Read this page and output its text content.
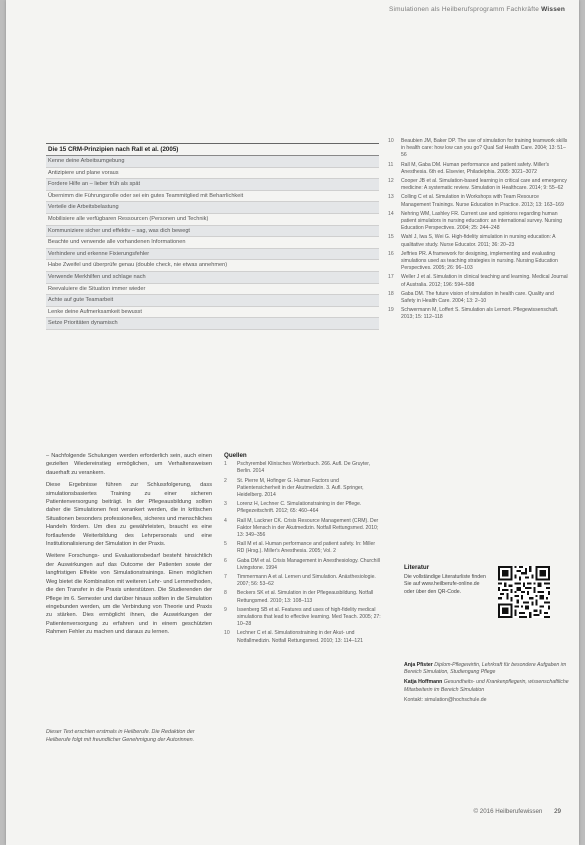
Simulationen als Heilberufsprogramm Fachkräfte Wissen
Die 15 CRM-Prinzipien nach Rall et al. (2005)
Kenne deine Arbeitsumgebung
Antizipiere und plane voraus
Fordere Hilfe an – lieber früh als spät
Übernimm die Führungsrolle oder sei ein gutes Teammitglied mit Beharrlichkeit
Verteile die Arbeitsbelastung
Mobilisiere alle verfügbaren Ressourcen (Personen und Technik)
Kommuniziere sicher und effektiv – sag, was dich bewegt
Beachte und verwende alle vorhandenen Informationen
Verhindere und erkenne Fixierungsfehler
Habe Zweifel und überprüfe genau (double check, nie etwas annehmen)
Verwende Merkhilfen und schlage nach
Reevaluiere die Situation immer wieder
Achte auf gute Teamarbeit
Lenke deine Aufmerksamkeit bewusst
Setze Prioritäten dynamisch
10	Beaubien JM, Baker DP. The use of simulation for training teamwork skills in health care: how low can you go? Qual Saf Health Care. 2004; 13: 51–56
11	Rall M, Gaba DM. Human performance and patient safety. Miller's Anesthesia. 6th ed. Elsevier, Philadelphia. 2005: 3021–3072
12	Cooper JB et al. Simulation-based learning in critical care and emergency medicine: A systematic review. Simulation in Healthcare. 2014; 9: 55–62
13	Colling C et al. Simulation in Workshops with Team Resource Management Trainings. Nurse Education in Practice. 2013; 13: 163–169
14	Nehring WM, Lashley FR. Current use and opinions regarding human patient simulators in nursing education: an international survey. Nursing Education Perspectives. 2004; 25: 244–248
15	Wahl J, Iwa S, Wei G. High-fidelity simulation in nursing education: A qualitative study. Nurse Educator. 2011; 36: 20–23
16	Jeffries PR. A framework for designing, implementing and evaluating simulations used as teaching strategies in nursing. Nursing Education Perspectives. 2005; 26: 96–103
17	Weller J et al. Simulation in clinical teaching and learning. Medical Journal of Australia. 2012; 196: 594–598
18	Gaba DM. The future vision of simulation in health care. Quality and Safety in Health Care. 2004; 13: 2–10
19	Schwermann M, Loffert S. Simulation als Lernort. Pflegewissenschaft. 2013; 15: 112–118

– Nachfolgende Schulungen werden erforderlich sein, auch einen gezielten Wiedereinstieg ermöglichen, um Verhaltensweisen dauerhaft zu verankern.

Diese Ergebnisse führen zur Schlussfolgerung, dass simulationsbasiertes Training zu einer sicheren Patientenversorgung beiträgt. In der Pflegeausbildung sollten daher die Simulationen fest verankert werden, die in kritischen Situationen besonders professionelles, sicheres und menschliches Handeln fördern. Um dies zu gewährleisten, braucht es eine fortlaufende Weiterbildung des Lehrpersonals und eine Institutionalisierung der Simulation in der Praxis.

Weitere Forschungs- und Evaluationsbedarf besteht hinsichtlich der Auswirkungen auf das Outcome der Patienten sowie der langfristigen Effekte von Simulationstrainings. Einen möglichen Weg bietet die Kombination mit weiteren Lehr- und Lernmethoden, die den Transfer in die Praxis unterstützen. Die Studierenden der Pflege im 6. Semester und darüber hinaus sollten in die Simulation eingebunden werden, um die Verbindung von Theorie und Praxis zu stärken. Dies ermöglicht ihnen, die Auswirkungen der Patientenversorgung zu erfahren und in einem geschützten Rahmen Fehler zu machen und daraus zu lernen.

Dieser Text erschien erstmals in Heilberufe. Die Redaktion der Heilberufe folgt mit freundlicher Genehmigung der Autorinnen.
Quellen
1	Pschyrembel Klinisches Wörterbuch. 266. Aufl. De Gruyter, Berlin. 2014
2	St. Pierre M, Hofinger G. Human Factors und Patientensicherheit in der Akutmedizin. 3. Aufl. Springer, Heidelberg. 2014
3	Lorenz H, Lechner C. Simulationstraining in der Pflege. Pflegezeitschrift. 2012; 65: 460–464
4	Rall M, Lackner CK. Crisis Resource Management (CRM). Der Faktor Mensch in der Akutmedizin. Notfall Rettungsmed. 2010; 13: 349–356
5	Rall M et al. Human performance and patient safety. In: Miller RD (Hrsg.). Miller's Anesthesia. 2005; Vol. 2
6	Gaba DM et al. Crisis Management in Anesthesiology. Churchill Livingstone. 1994
7	Timmermann A et al. Lernen und Simulation. Anästhesiologie. 2007; 56: 53–62
8	Beckers SK et al. Simulation in der Pflegeausbildung. Notfall Rettungsmed. 2010; 13: 108–113
9	Issenberg SB et al. Features and uses of high-fidelity medical simulations that lead to effective learning. Med Teach. 2005; 27: 10–28
10	Lechner C et al. Simulationstraining in der Akut- und Notfallmedizin. Notfall Rettungsmed. 2010; 13: 114–121
Literatur
Die vollständige Literaturliste finden Sie auf www.heilberufe-online.de oder über den QR-Code.

Anja Pfister Diplom-Pflegewirtin, Lehrkraft für besondere Aufgaben im Bereich Simulation, Studiengang Pflege

Katja Hoffmann Gesundheits- und Krankenpflegerin, wissenschaftliche Mitarbeiterin im Bereich Simulation

Kontakt: simulation@hochschule.de

© 2016 Heilberufewissen 29
